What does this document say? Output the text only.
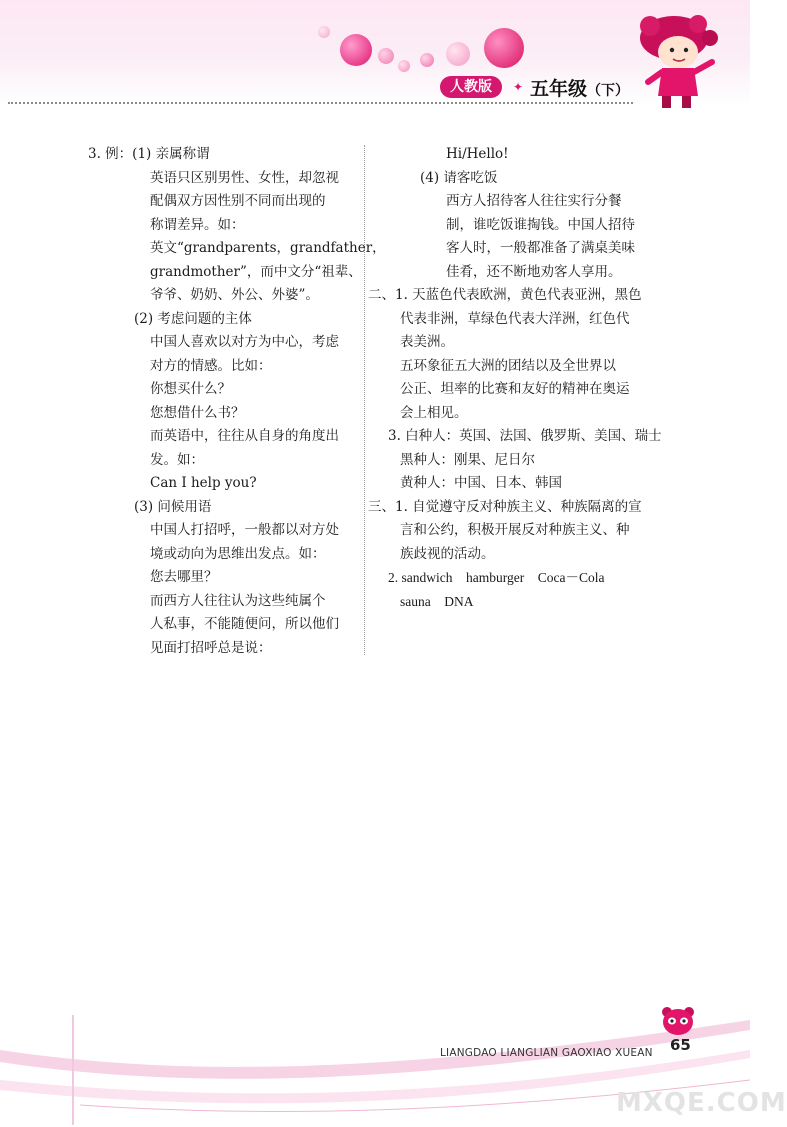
人教版	✦ 五年级（下）
3. 例：(1) 亲属称谓
英语只区别男性、女性，却忽视
配偶双方因性别不同而出现的
称谓差异。如：
英文“grandparents，grandfather，
grandmother”，而中文分“祖辈、
爷爷、奶奶、外公、外婆”。
(2) 考虑问题的主体
中国人喜欢以对方为中心，考虑
对方的情感。比如：
你想买什么？
您想借什么书？
而英语中，往往从自身的角度出
发。如：
Can I help you?
(3) 问候用语
中国人打招呼，一般都以对方处
境或动向为思维出发点。如：
您去哪里？
而西方人往往认为这些纯属个
人私事，不能随便问，所以他们
见面打招呼总是说：
Hi/Hello!
(4) 请客吃饭
西方人招待客人往往实行分餐
制，谁吃饭谁掏钱。中国人招待
客人时，一般都准备了满桌美味
佳肴，还不断地劝客人享用。
二、1. 天蓝色代表欧洲，黄色代表亚洲，黑色
代表非洲，草绿色代表大洋洲，红色代
表美洲。
五环象征五大洲的团结以及全世界以
公正、坦率的比赛和友好的精神在奥运
会上相见。
3. 白种人：英国、法国、俄罗斯、美国、瑞士
黑种人：刚果、尼日尔
黄种人：中国、日本、韩国
三、1. 自觉遵守反对种族主义、种族隔离的宣
言和公约，积极开展反对种族主义、种
族歧视的活动。
2. sandwich　hamburger　Coca－Cola
sauna　DNA
65
LIANGDAO LIANGLIAN GAOXIAO XUEAN
MXQE.COM
